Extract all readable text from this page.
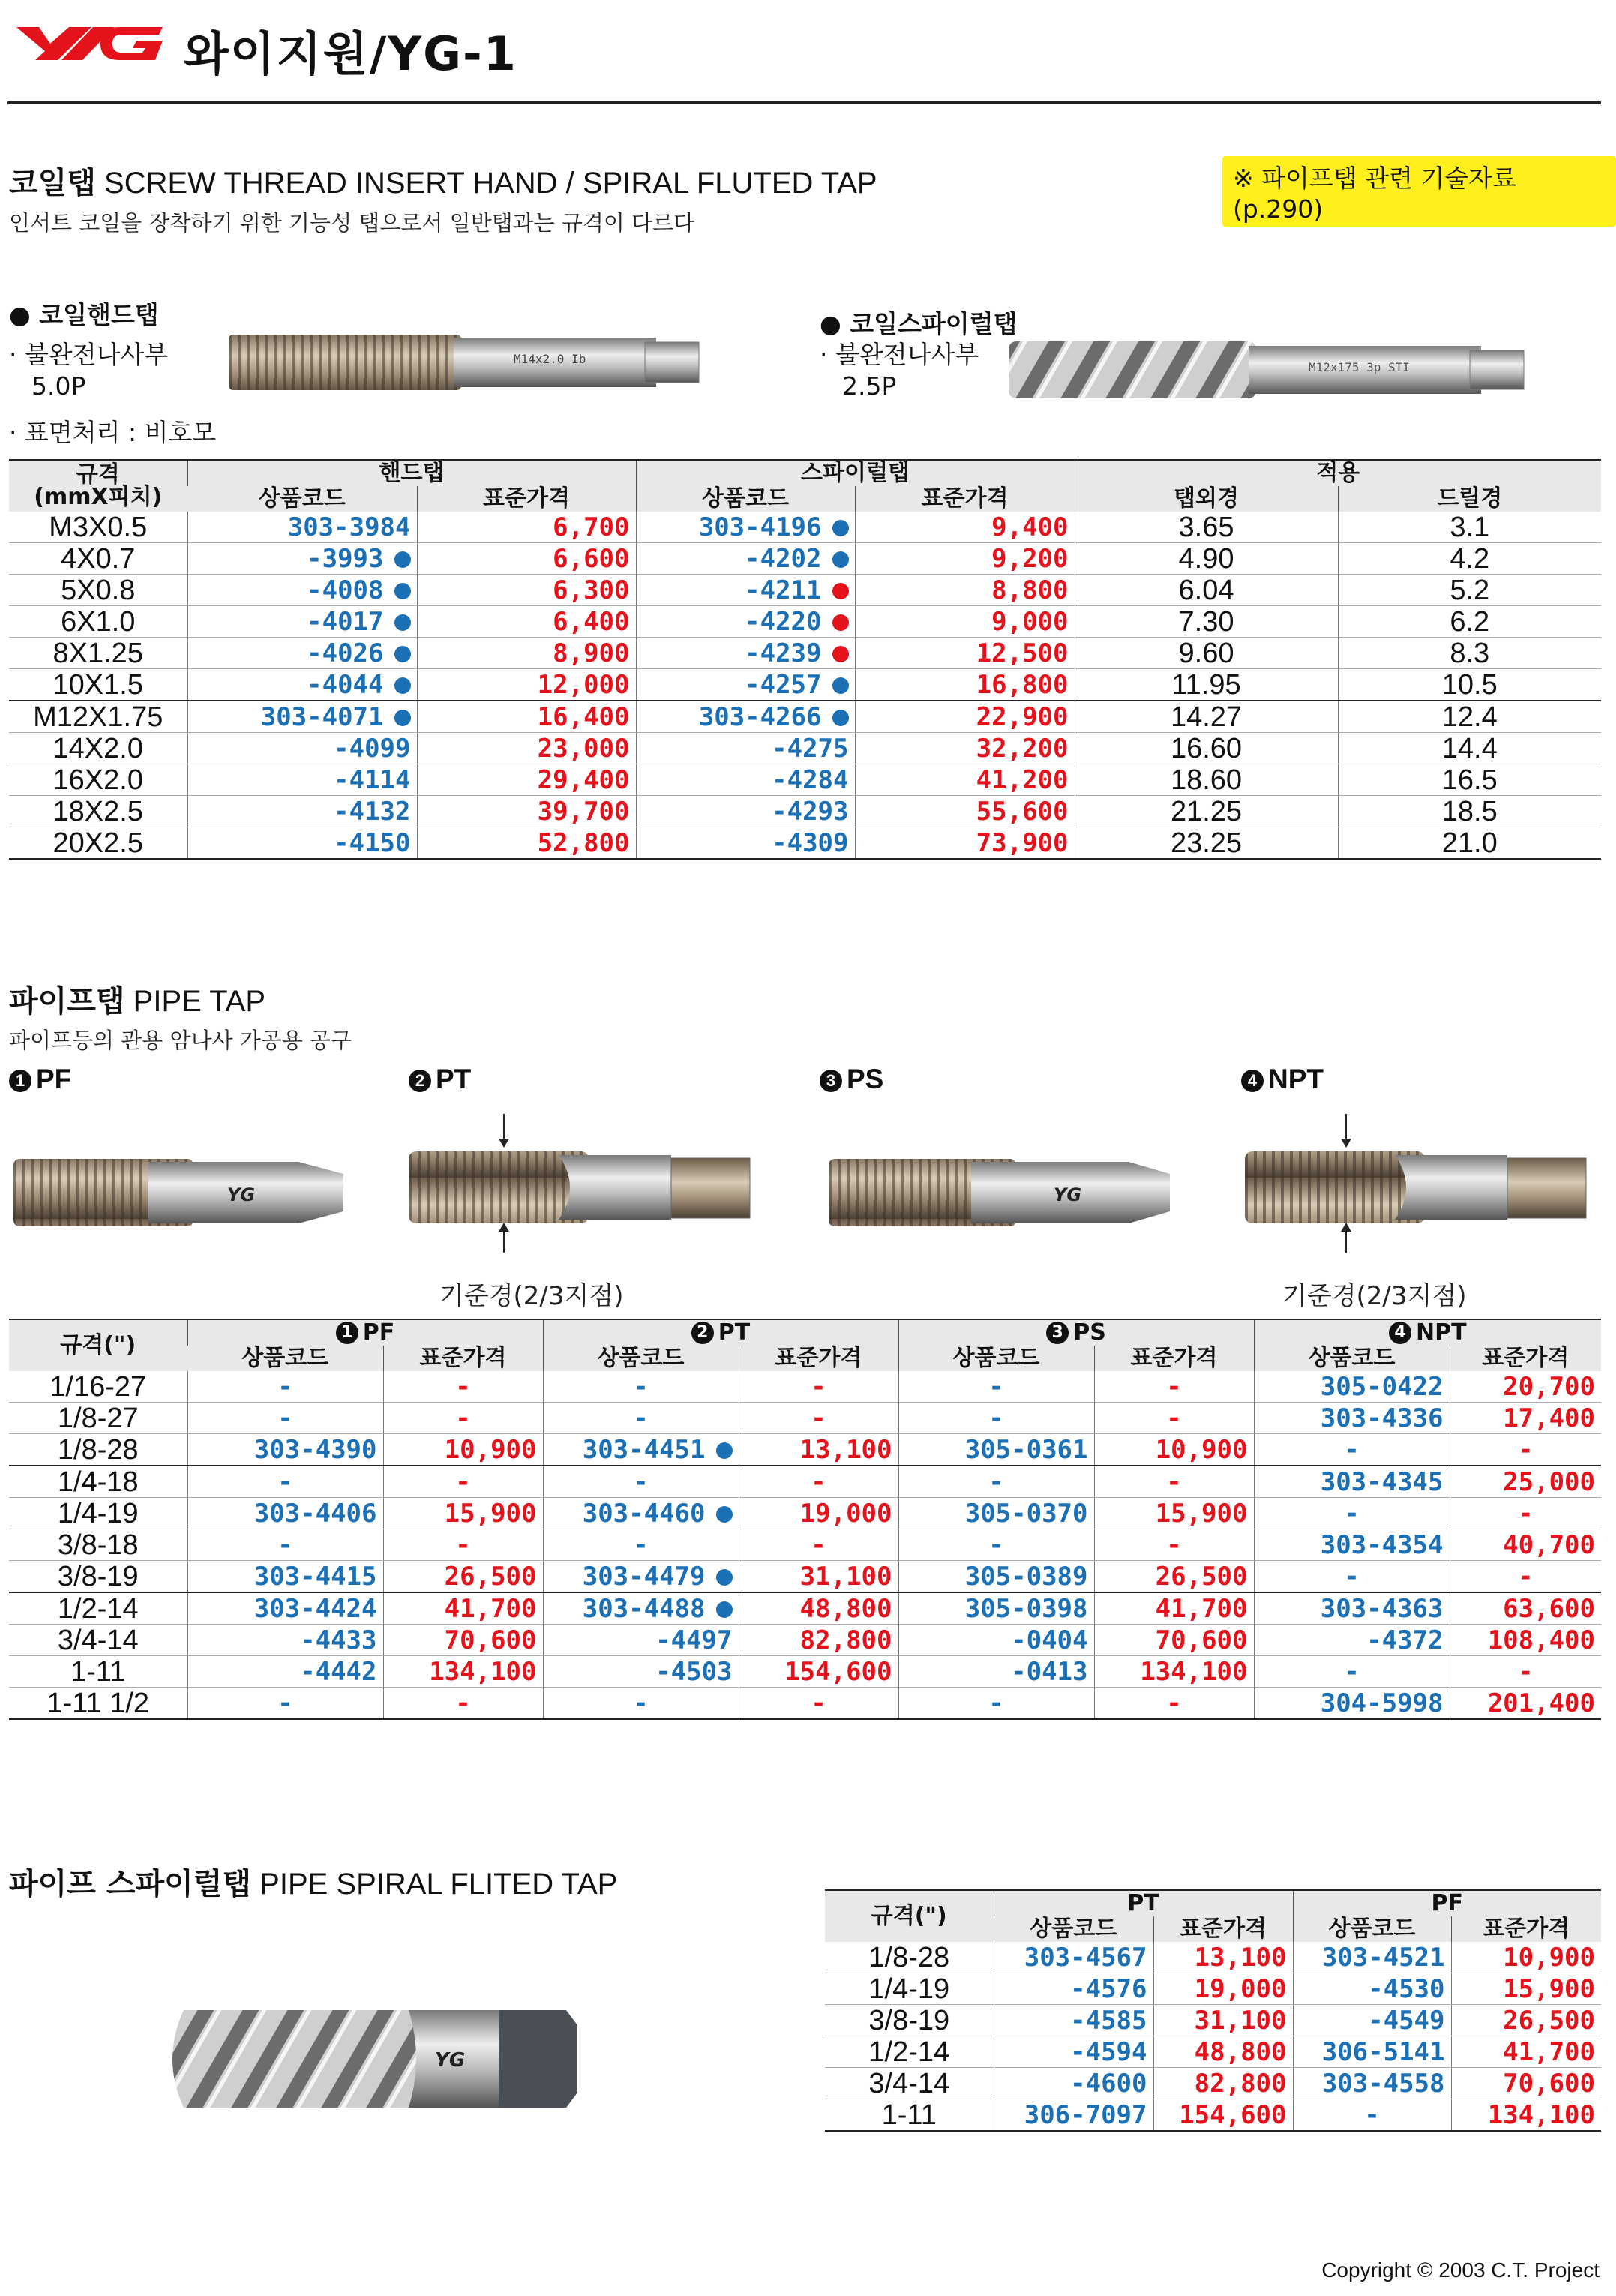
와이지원/YG-1
코일탭 SCREW THREAD INSERT HAND / SPIRAL FLUTED TAP	※ 파이프탭 관련 기술자료 (p.290)
인서트 코일을 장착하기 위한 기능성 탭으로서 일반탭과는 규격이 다르다
● 코일핸드탭
· 불완전나사부
5.0P
· 표면처리 : 비호모
M14x2.0 Ib
● 코일스파이럴탭
· 불완전나사부
2.5P
M12x175 3p STI
규격
(mmX피치)	핸드탭		스파이럴탭		적용	
	상품코드	표준가격	상품코드	표준가격	탭외경	드릴경
M3X0.5	303-3984	6,700	303-4196	9,400	3.65	3.1
4X0.7	-3993	6,600	-4202	9,200	4.90	4.2
5X0.8	-4008	6,300	-4211	8,800	6.04	5.2
6X1.0	-4017	6,400	-4220	9,000	7.30	6.2
8X1.25	-4026	8,900	-4239	12,500	9.60	8.3
10X1.5	-4044	12,000	-4257	16,800	11.95	10.5
M12X1.75	303-4071	16,400	303-4266	22,900	14.27	12.4
14X2.0	-4099	23,000	-4275	32,200	16.60	14.4
16X2.0	-4114	29,400	-4284	41,200	18.60	16.5
18X2.5	-4132	39,700	-4293	55,600	21.25	18.5
20X2.5	-4150	52,800	-4309	73,900	23.25	21.0
파이프탭 PIPE TAP
파이프등의 관용 암나사 가공용 공구
1 PF	2 PT	3 PS	4 NPT
YG
기준경(2/3지점)
YG
기준경(2/3지점)
규격(")	1 PF		2 PT		3 PS		4 NPT	
	상품코드	표준가격	상품코드	표준가격	상품코드	표준가격	상품코드	표준가격
1/16-27	-	-	-	-	-	-	305-0422	20,700
1/8-27	-	-	-	-	-	-	303-4336	17,400
1/8-28	303-4390	10,900	303-4451	13,100	305-0361	10,900	-	-
1/4-18	-	-	-	-	-	-	303-4345	25,000
1/4-19	303-4406	15,900	303-4460	19,000	305-0370	15,900	-	-
3/8-18	-	-	-	-	-	-	303-4354	40,700
3/8-19	303-4415	26,500	303-4479	31,100	305-0389	26,500	-	-
1/2-14	303-4424	41,700	303-4488	48,800	305-0398	41,700	303-4363	63,600
3/4-14	-4433	70,600	-4497	82,800	-0404	70,600	-4372	108,400
1-11	-4442	134,100	-4503	154,600	-0413	134,100	-	-
1-11 1/2	-	-	-	-	-	-	304-5998	201,400
파이프 스파이럴탭 PIPE SPIRAL FLITED TAP
YG
규격(")	PT		PF	
	상품코드	표준가격	상품코드	표준가격
1/8-28	303-4567	13,100	303-4521	10,900
1/4-19	-4576	19,000	-4530	15,900
3/8-19	-4585	31,100	-4549	26,500
1/2-14	-4594	48,800	306-5141	41,700
3/4-14	-4600	82,800	303-4558	70,600
1-11	306-7097	154,600	-	134,100
Copyright © 2003 C.T. Project
